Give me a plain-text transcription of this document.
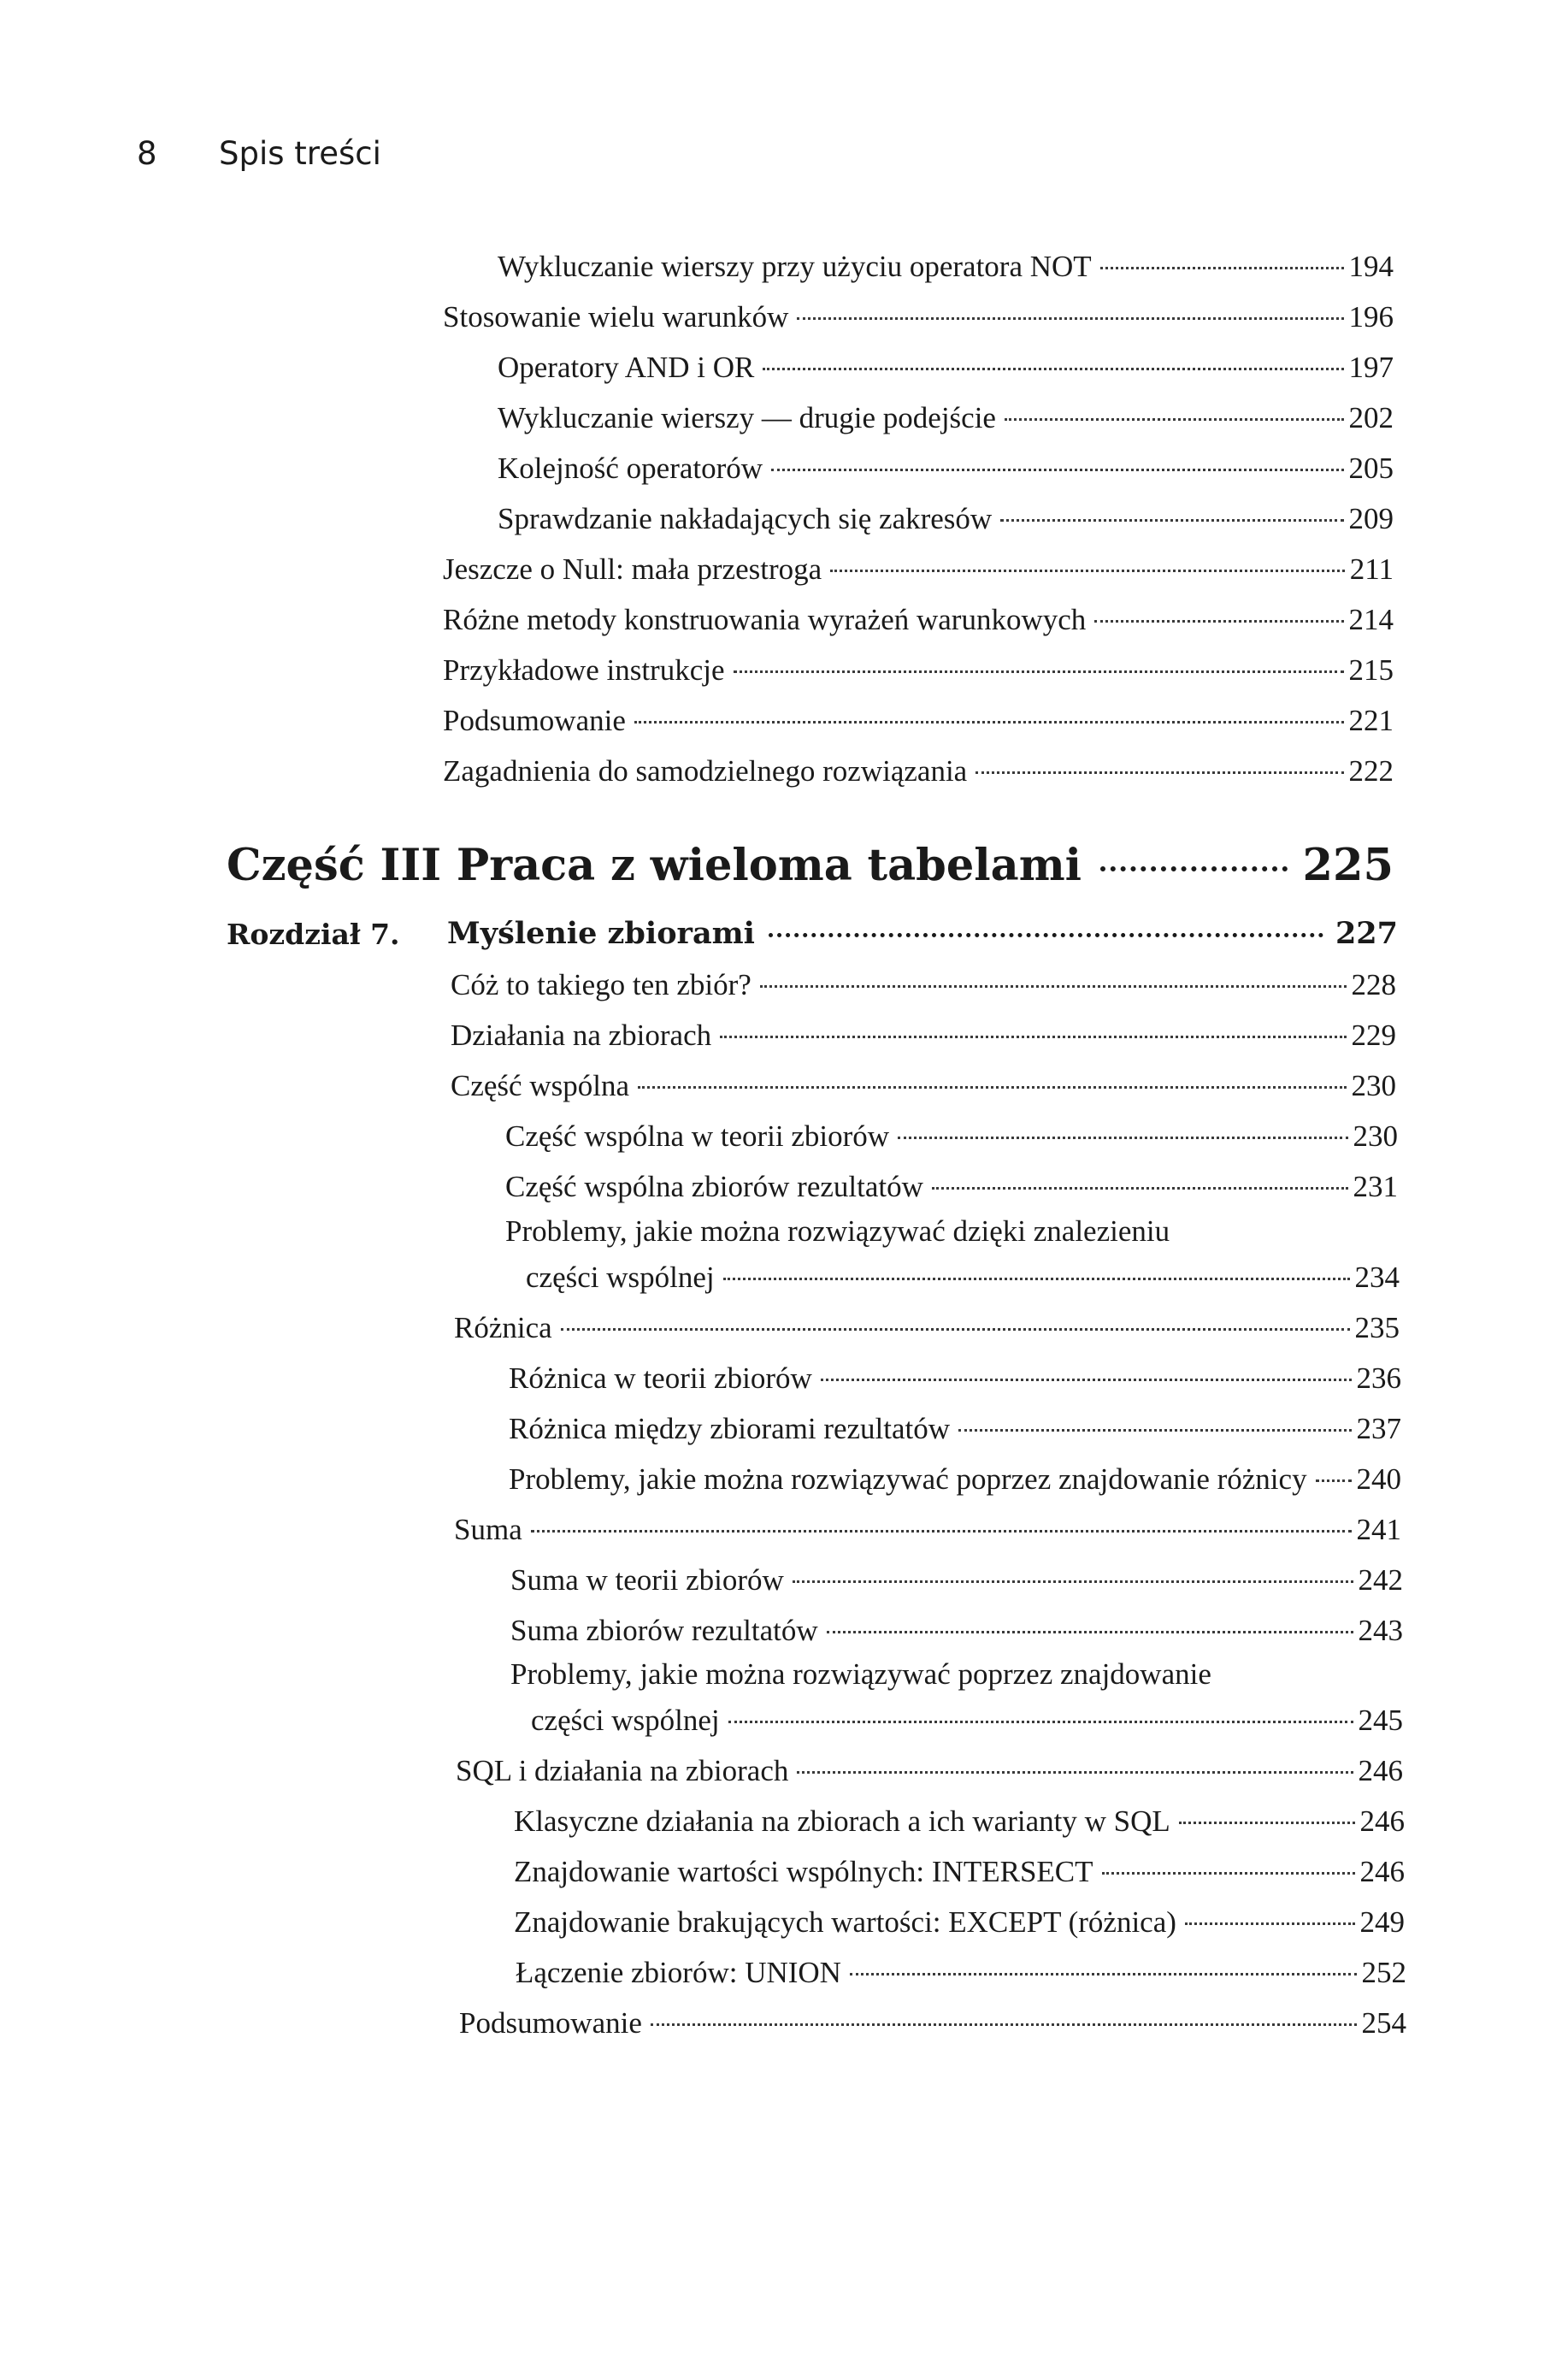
8 Spis treści
Wykluczanie wierszy przy użyciu operatora NOT	194
Stosowanie wielu warunków	196
Operatory AND i OR	197
Wykluczanie wierszy — drugie podejście	202
Kolejność operatorów	205
Sprawdzanie nakładających się zakresów	209
Jeszcze o Null: mała przestroga	211
Różne metody konstruowania wyrażeń warunkowych	214
Przykładowe instrukcje	215
Podsumowanie	221
Zagadnienia do samodzielnego rozwiązania	222
Część III Praca z wieloma tabelami	225
Rozdział 7. Myślenie zbiorami	227
Cóż to takiego ten zbiór?	228
Działania na zbiorach	229
Część wspólna	230
Część wspólna w teorii zbiorów	230
Część wspólna zbiorów rezultatów	231
Problemy, jakie można rozwiązywać dzięki znalezieniu
części wspólnej	234
Różnica	235
Różnica w teorii zbiorów	236
Różnica między zbiorami rezultatów	237
Problemy, jakie można rozwiązywać poprzez znajdowanie różnicy 240
Suma	241
Suma w teorii zbiorów	242
Suma zbiorów rezultatów	243
Problemy, jakie można rozwiązywać poprzez znajdowanie
części wspólnej	245
SQL i działania na zbiorach	246
Klasyczne działania na zbiorach a ich warianty w SQL	246
Znajdowanie wartości wspólnych: INTERSECT	246
Znajdowanie brakujących wartości: EXCEPT (różnica)	249
Łączenie zbiorów: UNION	252
Podsumowanie	254
